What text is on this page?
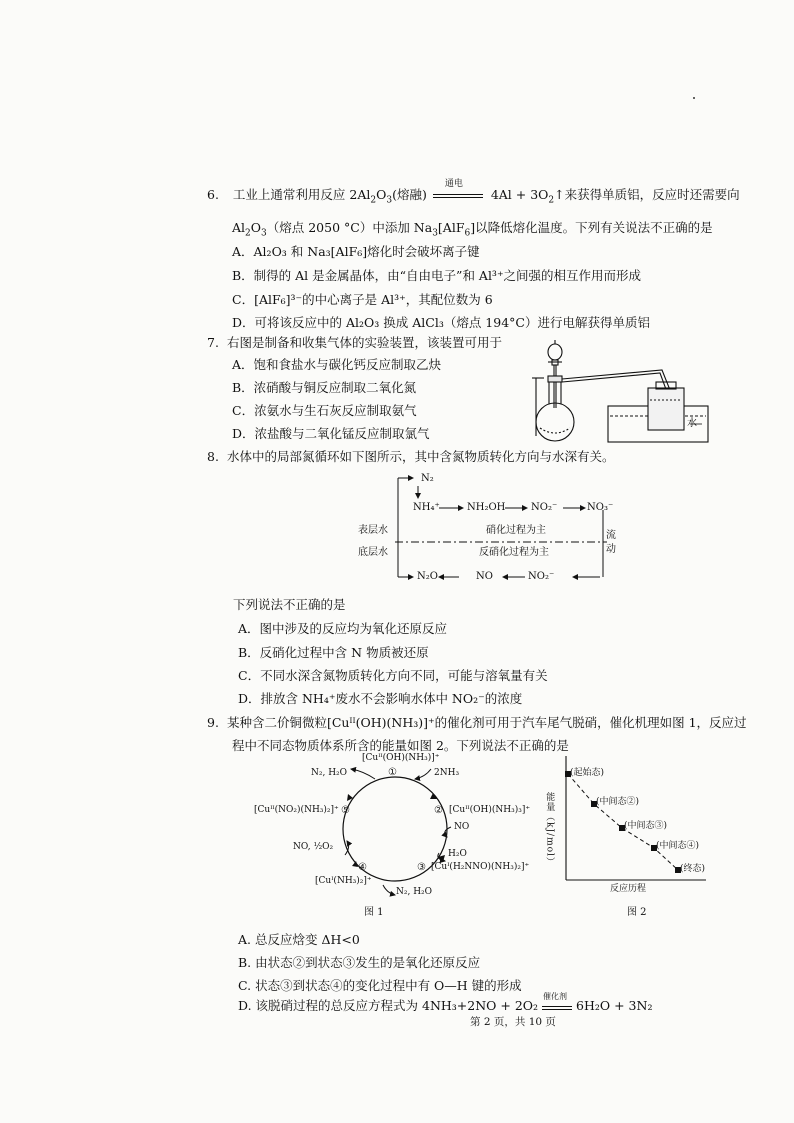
6. 工业上通常利用反应 $2Al_2O_3$(熔融)
通电
$4Al + 3O_2↑$来获得单质铝，反应时还需要向
$Al_2O_3$（熔点 2050 °C）中添加 $Na_3[AlF_6]$以降低熔化温度。下列有关说法不正确的是
A．Al₂O₃ 和 Na₃[AlF₆]熔化时会破坏离子键
B．制得的 Al 是金属晶体，由“自由电子”和 Al³⁺之间强的相互作用而形成
C．[AlF₆]³⁻的中心离子是 Al³⁺，其配位数为 6
D．可将该反应中的 Al₂O₃ 换成 AlCl₃（熔点 194°C）进行电解获得单质铝
7. 右图是制备和收集气体的实验装置，该装置可用于
A．饱和食盐水与碳化钙反应制取乙炔
B．浓硝酸与铜反应制取二氧化氮
C．浓氨水与生石灰反应制取氨气
D．浓盐酸与二氧化锰反应制取氯气
水
8. 水体中的局部氮循环如下图所示，其中含氮物质转化方向与水深有关。
N₂
NH₄⁺	NH₂OH	NO₂⁻	NO₃⁻
表层水
底层水
硝化过程为主
反硝化过程为主
流
动
N₂O	NO	NO₂⁻
下列说法不正确的是
A．图中涉及的反应均为氧化还原反应
B．反硝化过程中含 N 物质被还原
C．不同水深含氮物质转化方向不同，可能与溶氧量有关
D．排放含 NH₄⁺废水不会影响水体中 NO₂⁻的浓度
9. 某种含二价铜微粒[Cuᴵᴵ(OH)(NH₃)]⁺的催化剂可用于汽车尾气脱硝，催化机理如图 1，反应过
程中不同态物质体系所含的能量如图 2。下列说法不正确的是
[Cuᴵᴵ(OH)(NH₃)]⁺
①
N₂, H₂O	2NH₃
② [Cuᴵᴵ(OH)(NH₃)₃]⁺
NO
H₂O
③ [Cuᴵ(H₂NNO)(NH₃)₂]⁺
④
[Cuᴵ(NH₃)₂]⁺
N₂, H₂O
NO, ½O₂
⑤
[Cuᴵᴵ(NO₂)(NH₃)₂]⁺
图 1
(起始态)
(中间态②)
(中间态③)
(中间态④)
(终态)
能量（kJ/mol）
反应历程
图 2
A. 总反应焓变 ΔH<0
B. 由状态②到状态③发生的是氧化还原反应
C. 状态③到状态④的变化过程中有 O—H 键的形成
D. 该脱硝过程的总反应方程式为 4NH₃+2NO + 2O₂
催化剂
6H₂O + 3N₂
第 2 页，共 10 页
